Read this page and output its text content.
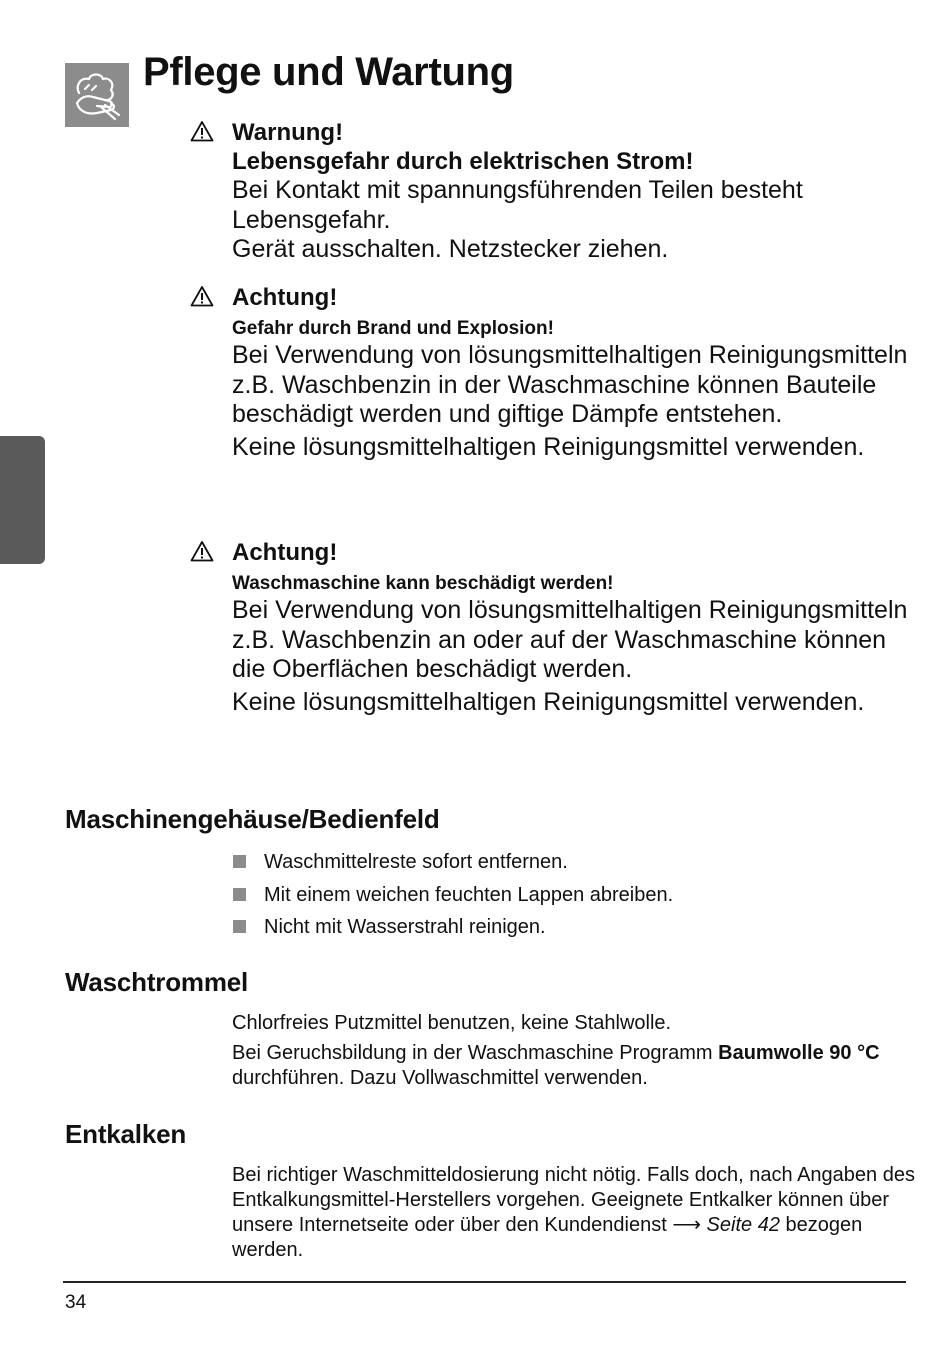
Pflege und Wartung
Warnung!
Lebensgefahr durch elektrischen Strom!
Bei Kontakt mit spannungsführenden Teilen besteht Lebensgefahr.
Gerät ausschalten. Netzstecker ziehen.
Achtung!
Gefahr durch Brand und Explosion!
Bei Verwendung von lösungsmittelhaltigen Reinigungsmitteln z.B. Waschbenzin in der Waschmaschine können Bauteile beschädigt werden und giftige Dämpfe entstehen.
Keine lösungsmittelhaltigen Reinigungsmittel verwenden.
Achtung!
Waschmaschine kann beschädigt werden!
Bei Verwendung von lösungsmittelhaltigen Reinigungsmitteln z.B. Waschbenzin an oder auf der Waschmaschine können die Oberflächen beschädigt werden.
Keine lösungsmittelhaltigen Reinigungsmittel verwenden.
Maschinengehäuse/Bedienfeld
Waschmittelreste sofort entfernen.
Mit einem weichen feuchten Lappen abreiben.
Nicht mit Wasserstrahl reinigen.
Waschtrommel
Chlorfreies Putzmittel benutzen, keine Stahlwolle.
Bei Geruchsbildung in der Waschmaschine Programm Baumwolle 90 °C durchführen. Dazu Vollwaschmittel verwenden.
Entkalken
Bei richtiger Waschmitteldosierung nicht nötig. Falls doch, nach Angaben des Entkalkungsmittel-Herstellers vorgehen. Geeignete Entkalker können über unsere Internetseite oder über den Kundendienst ⟶ Seite 42 bezogen werden.
34
